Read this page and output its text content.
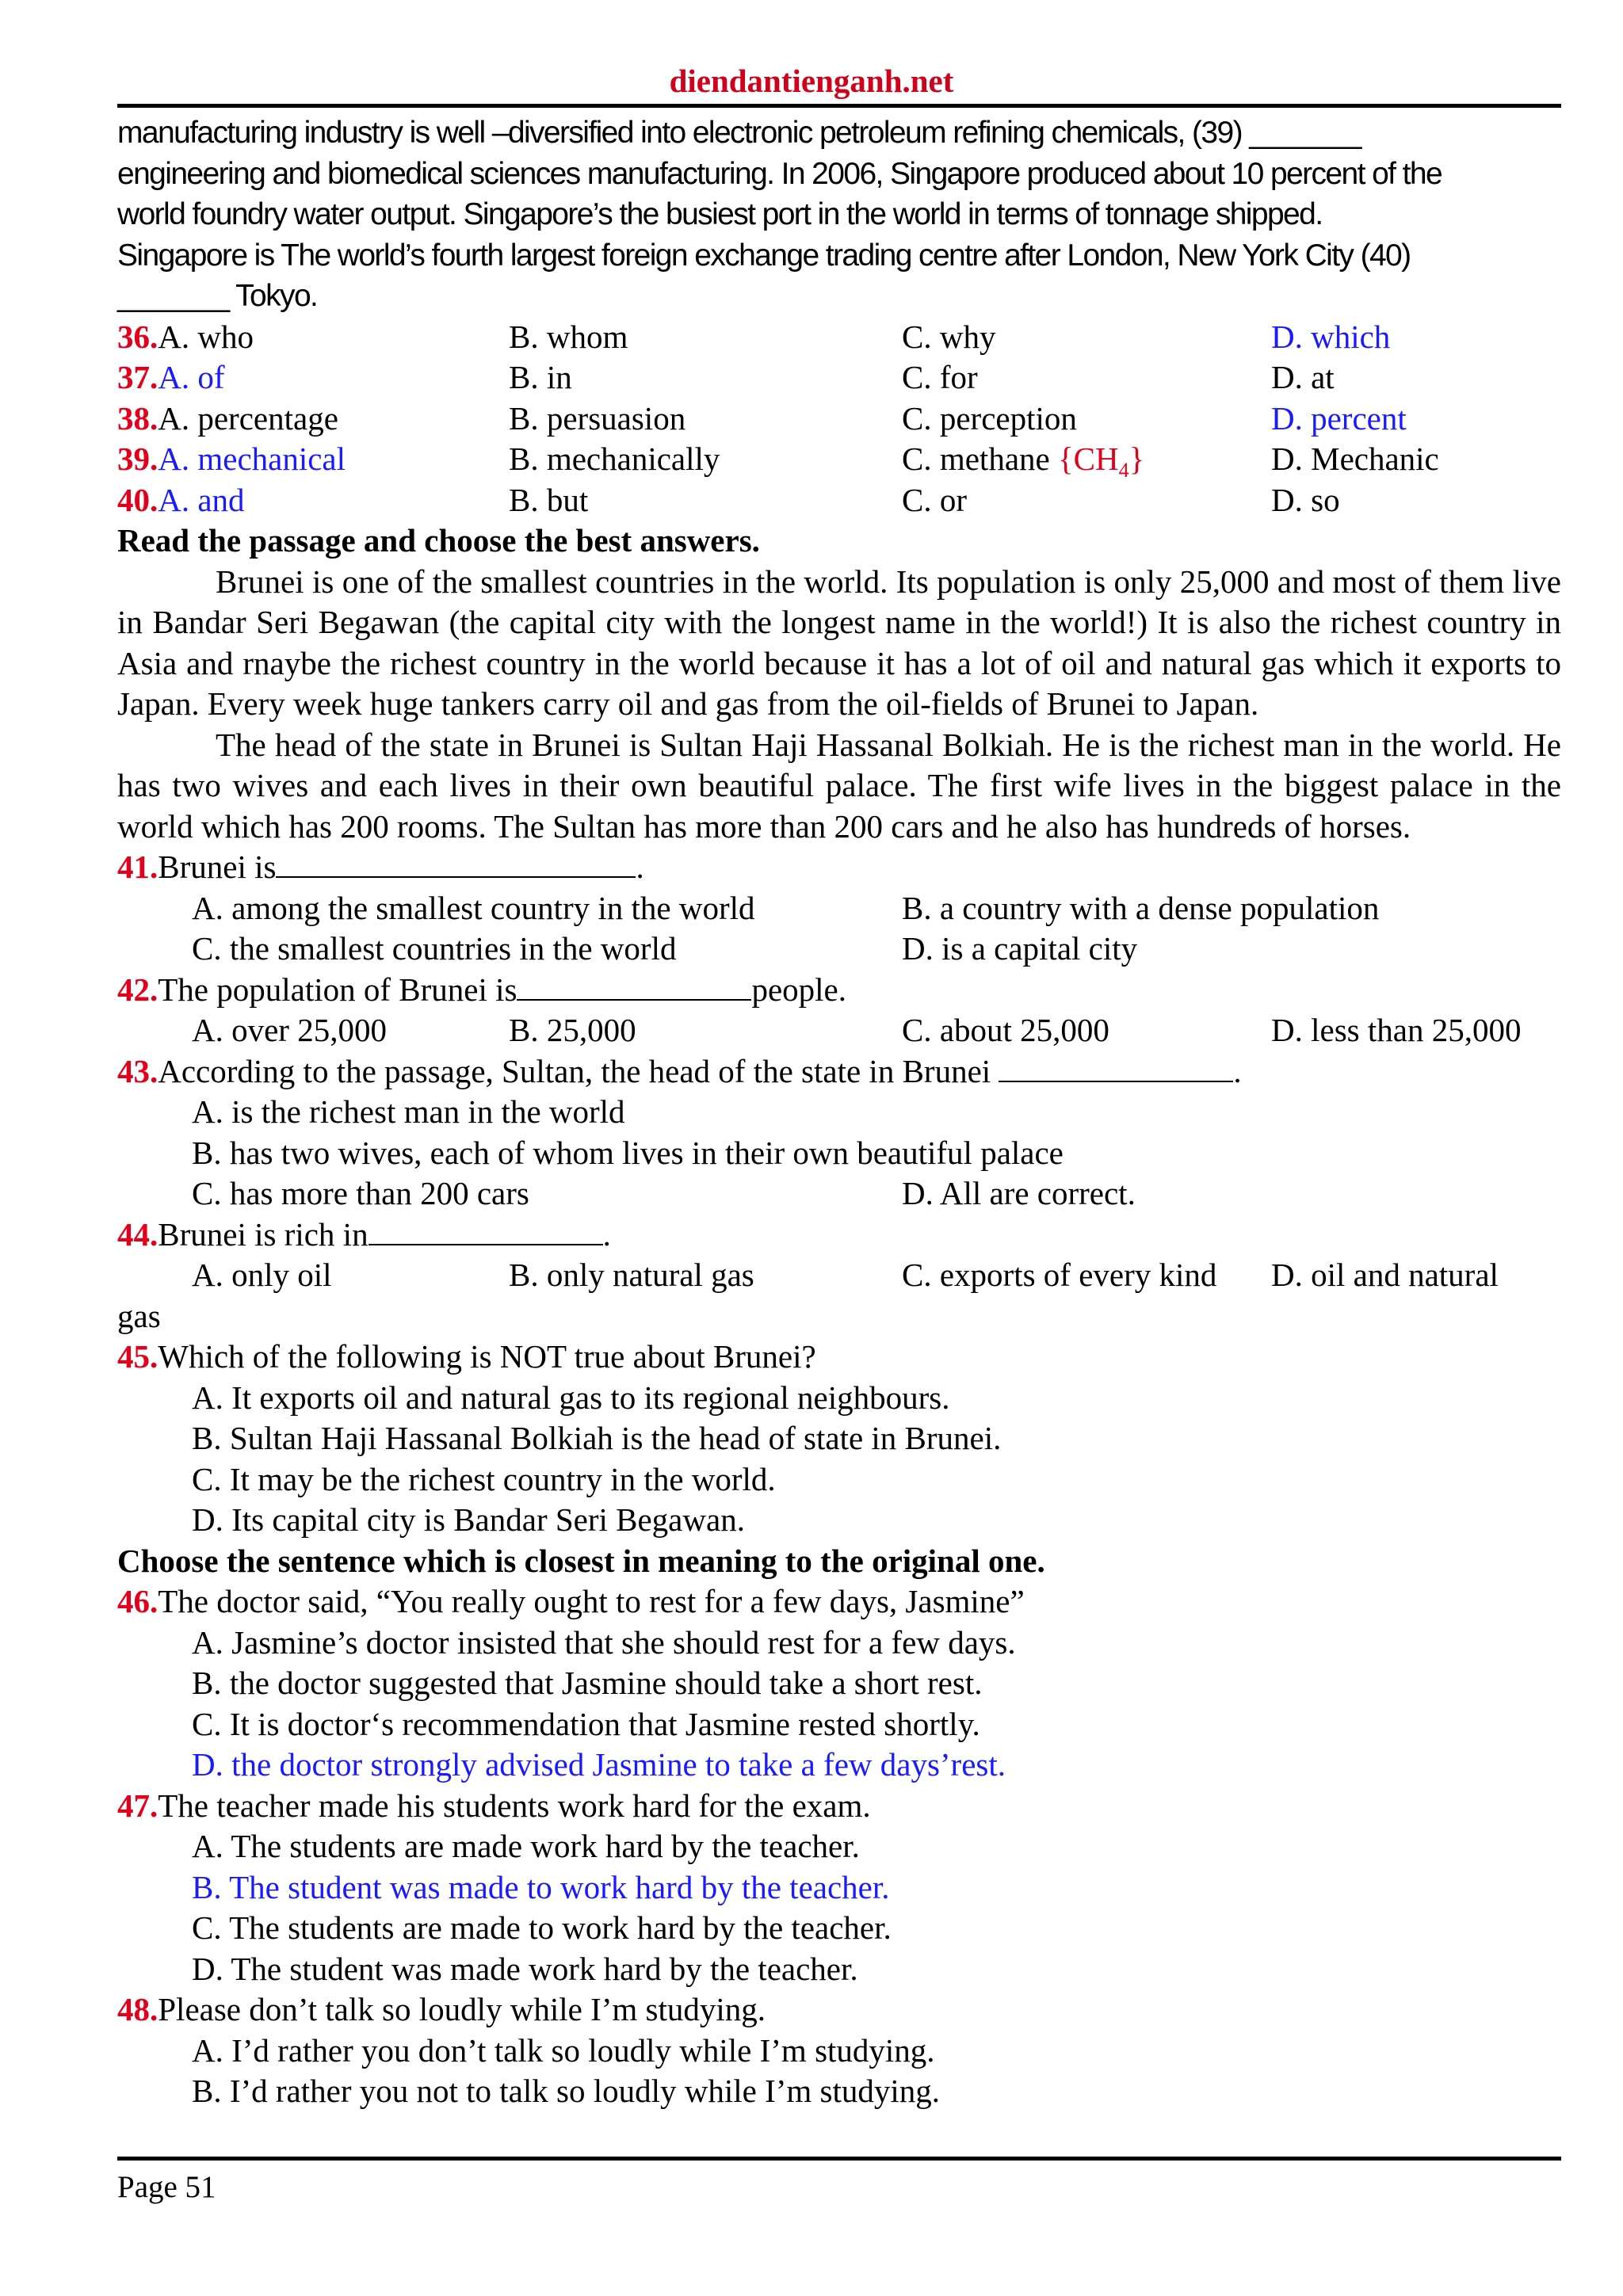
diendantienganh.net
manufacturing industry is well –diversified into electronic petroleum refining chemicals, (39) _______
engineering and biomedical sciences manufacturing. In 2006, Singapore produced about 10 percent of the
world foundry water output. Singapore’s the busiest port in the world in terms of tonnage shipped.
Singapore is The world’s fourth largest foreign exchange trading centre after London, New York City (40)
_______ Tokyo.
36.A. who	B. whom	C. why	D. which
37.A. of	B. in	C. for	D. at
38.A. percentage	B. persuasion	C. perception	D. percent
39.A. mechanical	B. mechanically	C. methane $\{CH_4\}$	D. Mechanic
40.A. and	B. but	C. or	D. so
Read the passage and choose the best answers.

Brunei is one of the smallest countries in the world. Its population is only 25,000 and most of them live in Bandar Seri Begawan (the capital city with the longest name in the world!) It is also the richest country in Asia and rnaybe the richest country in the world because it has a lot of oil and natural gas which it exports to Japan. Every week huge tankers carry oil and gas from the oil-fields of Brunei to Japan.

The head of the state in Brunei is Sultan Haji Hassanal Bolkiah. He is the richest man in the world. He has two wives and each lives in their own beautiful palace. The first wife lives in the biggest palace in the world which has 200 rooms. The Sultan has more than 200 cars and he also has hundreds of horses.

41.Brunei is	.
A. among the smallest country in the world	B. a country with a dense population
C. the smallest countries in the world	D. is a capital city
42.The population of Brunei is	people.
A. over 25,000	B. 25,000	C. about 25,000	D. less than 25,000
43.According to the passage, Sultan, the head of the state in Brunei	.
A. is the richest man in the world
B. has two wives, each of whom lives in their own beautiful palace
C. has more than 200 cars	D. All are correct.
44.Brunei is rich in	.
A. only oil	B. only natural gas	C. exports of every kind D. oil and natural
gas
45.Which of the following is NOT true about Brunei?
A. It exports oil and natural gas to its regional neighbours.
B. Sultan Haji Hassanal Bolkiah is the head of state in Brunei.
C. It may be the richest country in the world.
D. Its capital city is Bandar Seri Begawan.
Choose the sentence which is closest in meaning to the original one.
46.The doctor said, “You really ought to rest for a few days, Jasmine”
A. Jasmine’s doctor insisted that she should rest for a few days.
B. the doctor suggested that Jasmine should take a short rest.
C. It is doctor‘s recommendation that Jasmine rested shortly.
D. the doctor strongly advised Jasmine to take a few days’rest.
47.The teacher made his students work hard for the exam.
A. The students are made work hard by the teacher.
B. The student was made to work hard by the teacher.
C. The students are made to work hard by the teacher.
D. The student was made work hard by the teacher.
48.Please don’t talk so loudly while I’m studying.
A. I’d rather you don’t talk so loudly while I’m studying.
B. I’d rather you not to talk so loudly while I’m studying.
Page 51
